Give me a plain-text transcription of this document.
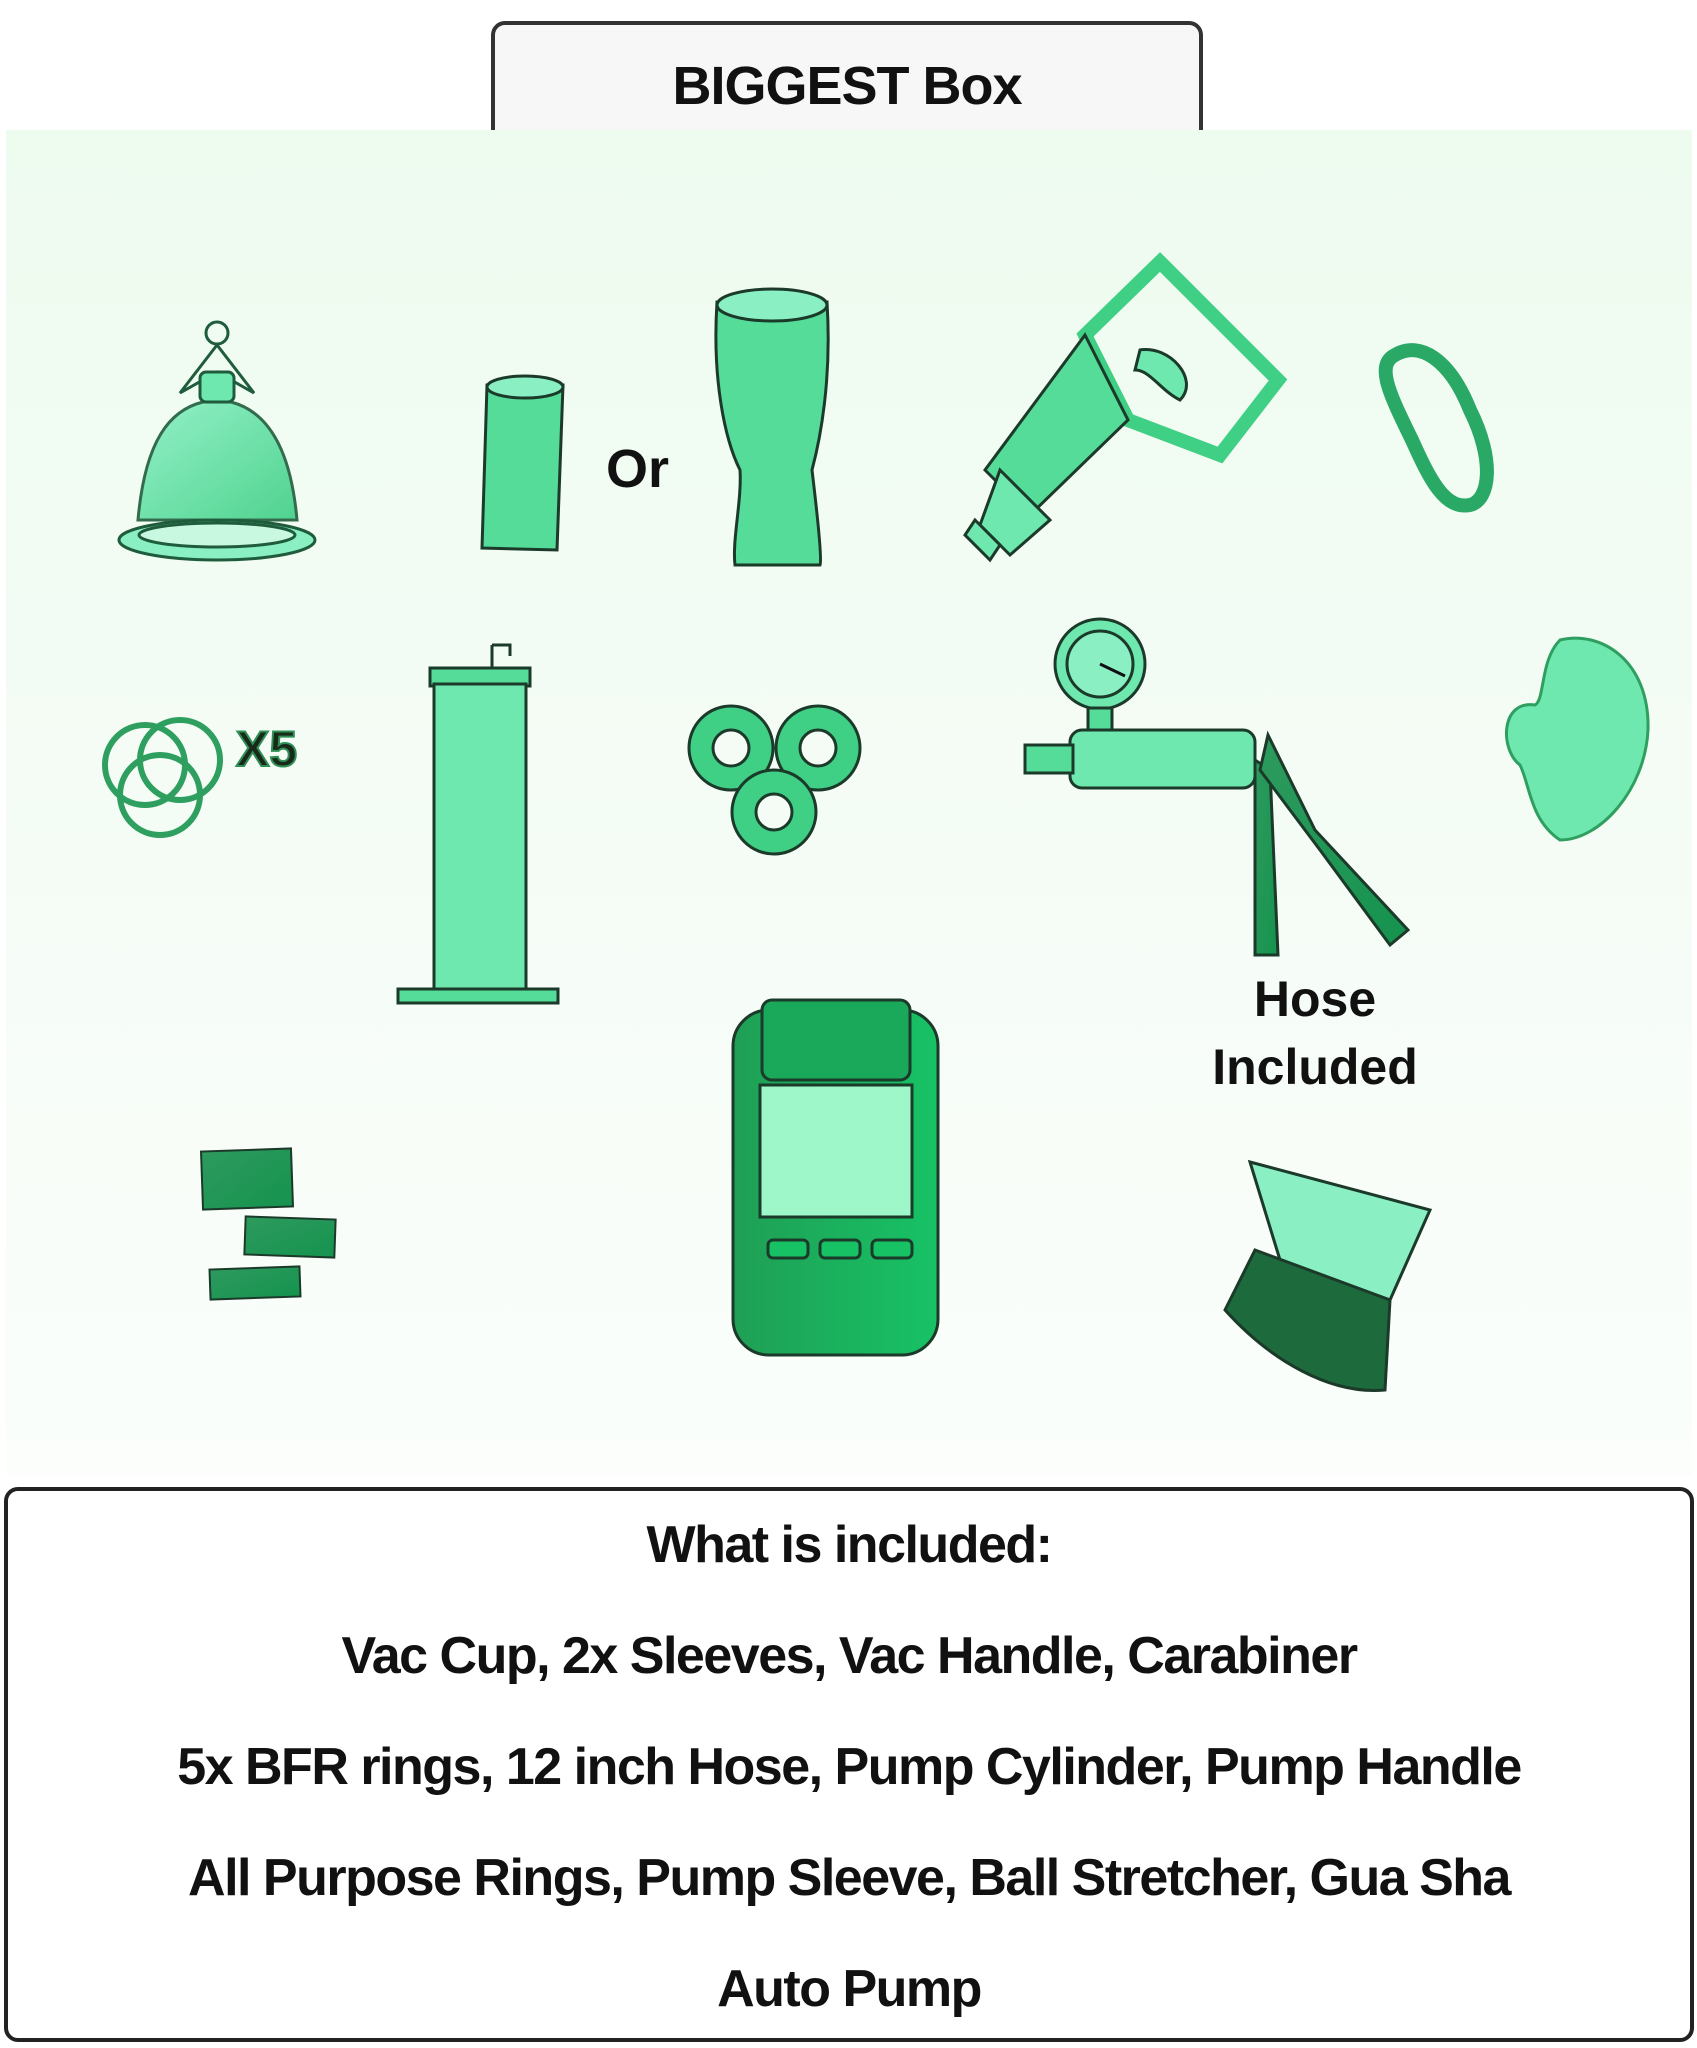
BIGGEST Box
Or
X5
Hose
Included
What is included:
Vac Cup, 2x Sleeves, Vac Handle, Carabiner
5x BFR rings, 12 inch Hose, Pump Cylinder, Pump Handle
All Purpose Rings, Pump Sleeve, Ball Stretcher, Gua Sha
Auto Pump
